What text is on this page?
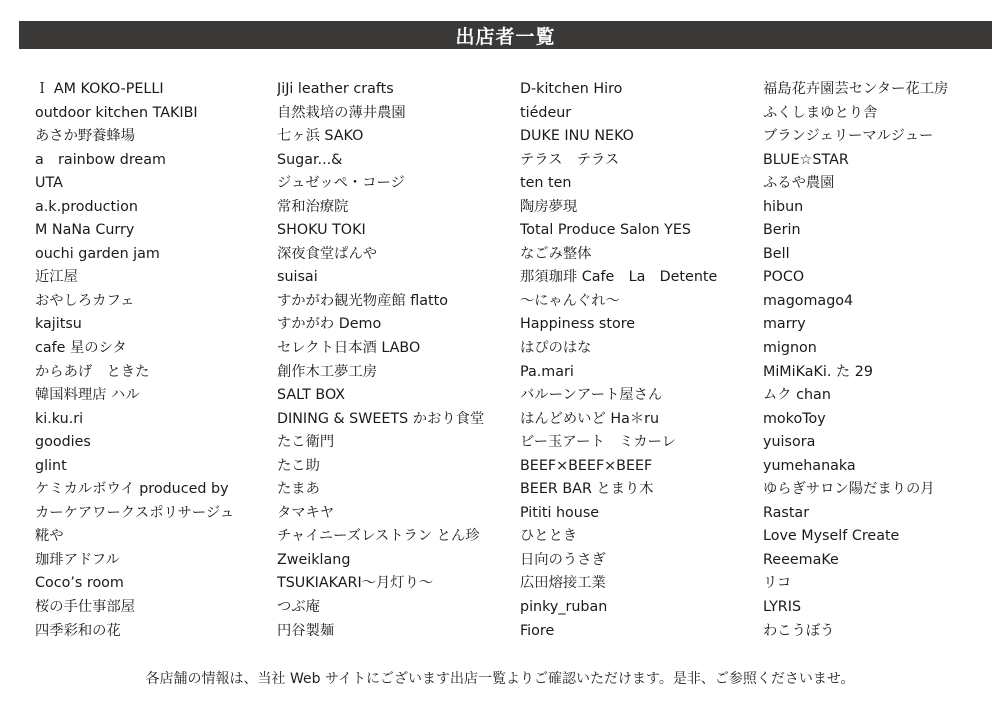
出店者一覧
Ｉ AM KOKO-PELLI
outdoor kitchen TAKIBI
あさか野養蜂場
a　rainbow dream
UTA
a.k.production
M NaNa Curry
ouchi garden jam
近江屋
おやしろカフェ
kajitsu
cafe 星のシタ
からあげ　ときた
韓国料理店 ハル
ki.ku.ri
goodies
glint
ケミカルボウイ produced by
カーケアワークスポリサージュ
糀や
珈琲アドフル
Coco’s room
桜の手仕事部屋
四季彩和の花
JiJi leather crafts
自然栽培の薄井農園
七ヶ浜 SAKO
Sugar...&
ジュゼッペ・コージ
常和治療院
SHOKU TOKI
深夜食堂ぱんや
suisai
すかがわ観光物産館 flatto
すかがわ Demo
セレクト日本酒 LABO
創作木工夢工房
SALT BOX
DINING & SWEETS かおり食堂
たこ衛門
たこ助
たまあ
タマキヤ
チャイニーズレストラン とん珍
Zweiklang
TSUKIAKARI～月灯り～
つぶ庵
円谷製麺
D-kitchen Hiro
tiédeur
DUKE INU NEKO
テラス　テラス
ten ten
陶房夢現
Total Produce Salon YES
なごみ整体
那須珈琲 Cafe　La　Detente
～にゃんぐれ～
Happiness store
はぴのはな
Pa.mari
バルーンアート屋さん
はんどめいど Ha＊ru
ビー玉アート　ミカーレ
BEEF×BEEF×BEEF
BEER BAR とまり木
Pititi house
ひととき
日向のうさぎ
広田熔接工業
pinky_ruban
Fiore
福島花卉園芸センター花工房
ふくしまゆとり舎
ブランジェリーマルジュー
BLUE☆STAR
ふるや農園
hibun
Berin
Bell
POCO
magomago4
marry
mignon
MiMiKaKi. た 29
ムク chan
mokoToy
yuisora
yumehanaka
ゆらぎサロン陽だまりの月
Rastar
Love Myself Create
ReeemaKe
リコ
LYRIS
わこうぼう
各店舗の情報は、当社 Web サイトにございます出店一覧よりご確認いただけます。是非、ご参照くださいませ。
